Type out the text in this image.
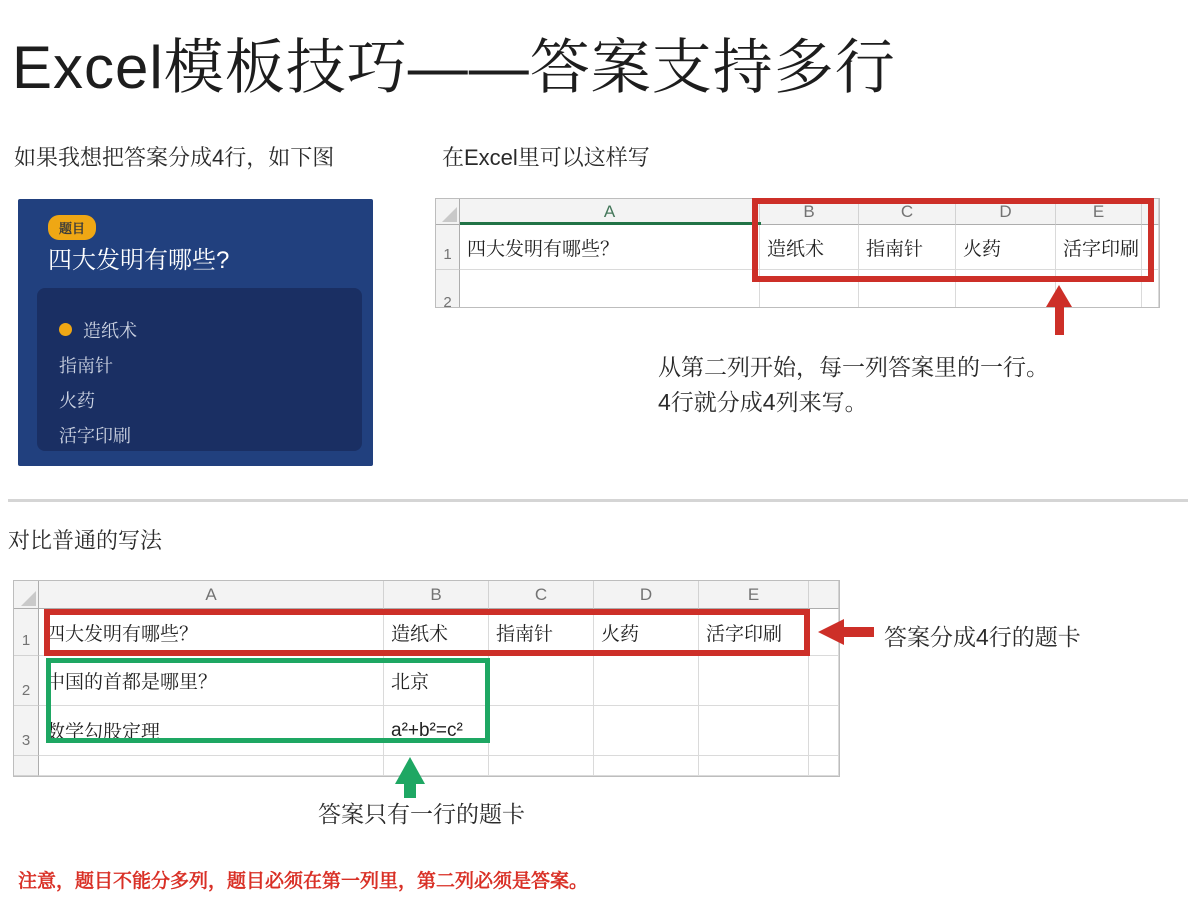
Excel模板技巧——答案支持多行
如果我想把答案分成4行，如下图	在Excel里可以这样写
题目
四大发明有哪些?
造纸术
指南针
火药
活字印刷
A	B	C	D	E
1 四大发明有哪些？	造纸术	指南针	火药	活字印刷
2
从第二列开始，每一列答案里的一行。
4行就分成4列来写。
对比普通的写法
A	B	C	D	E
1 四大发明有哪些？	造纸术	指南针	火药	活字印刷
2 中国的首都是哪里？	北京
3 数学勾股定理	a²+b²=c²
答案分成4行的题卡
答案只有一行的题卡
注意，题目不能分多列，题目必须在第一列里，第二列必须是答案。
